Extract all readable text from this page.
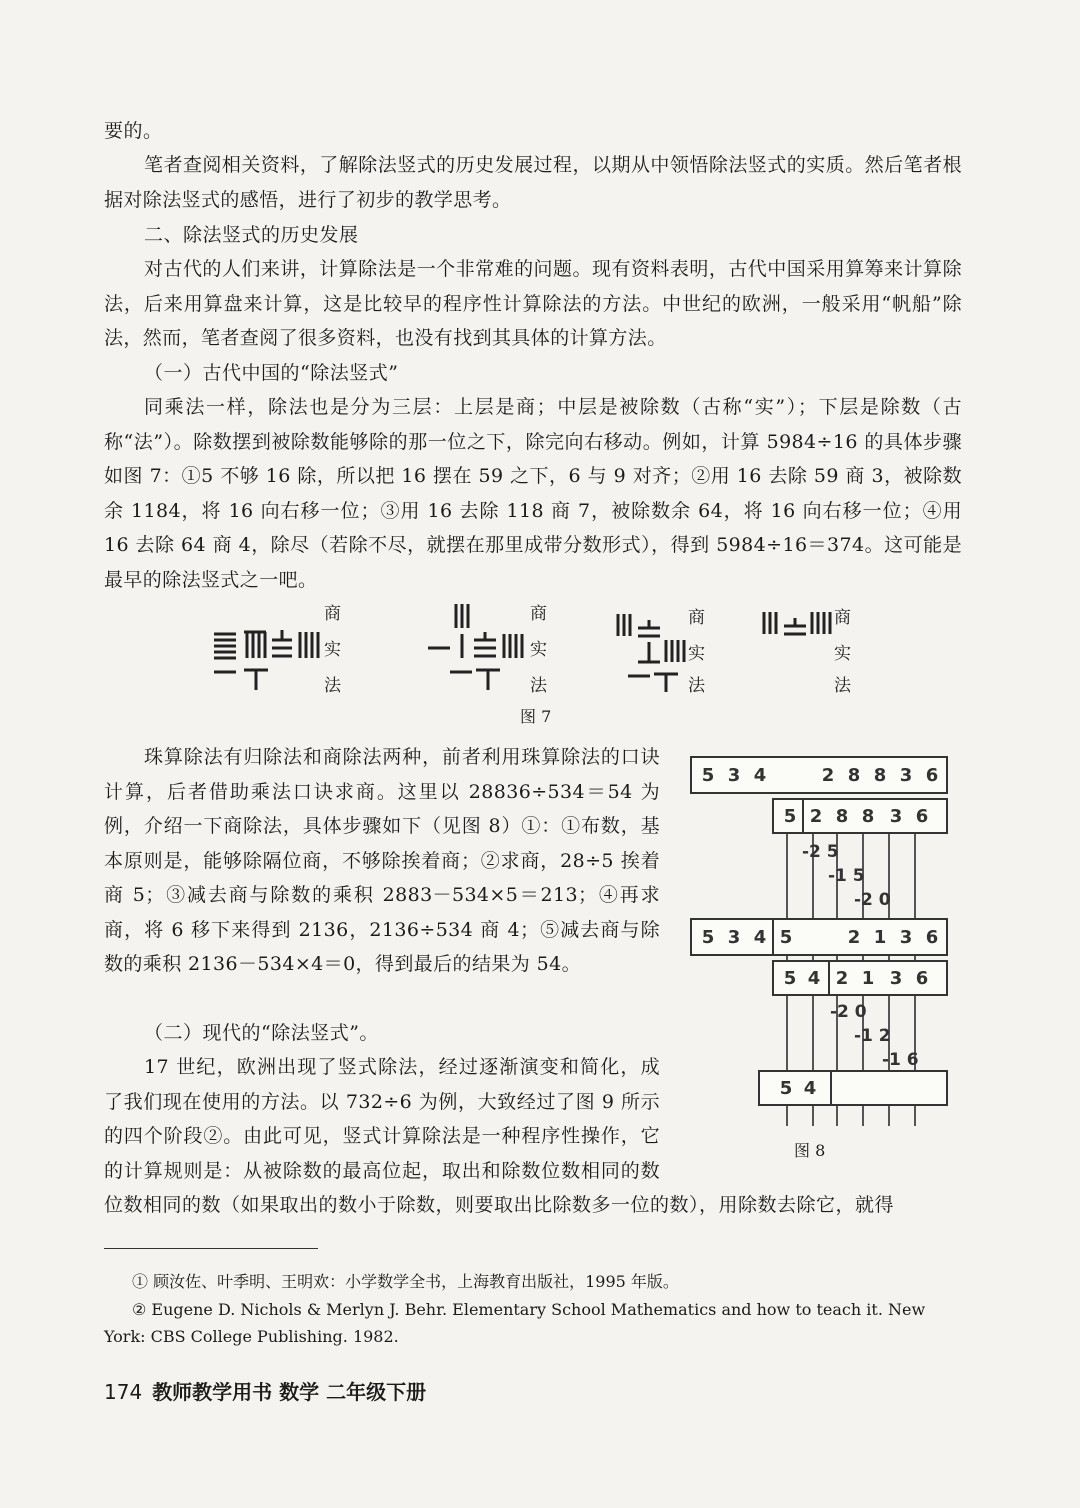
要的。

笔者查阅相关资料，了解除法竖式的历史发展过程，以期从中领悟除法竖式的实质。然后笔者根据对除法竖式的感悟，进行了初步的教学思考。

二、除法竖式的历史发展

对古代的人们来讲，计算除法是一个非常难的问题。现有资料表明，古代中国采用算筹来计算除法，后来用算盘来计算，这是比较早的程序性计算除法的方法。中世纪的欧洲，一般采用“帆船”除法，然而，笔者查阅了很多资料，也没有找到其具体的计算方法。

（一）古代中国的“除法竖式”

同乘法一样，除法也是分为三层：上层是商；中层是被除数（古称“实”）；下层是除数（古称“法”）。除数摆到被除数能够除的那一位之下，除完向右移动。例如，计算 5984÷16 的具体步骤如图 7：①5 不够 16 除，所以把 16 摆在 59 之下，6 与 9 对齐；②用 16 去除 59 商 3，被除数余 1184，将 16 向右移一位；③用 16 去除 118 商 7，被除数余 64，将 16 向右移一位；④用 16 去除 64 商 4，除尽（若除不尽，就摆在那里成带分数形式），得到 5984÷16＝374。这可能是最早的除法竖式之一吧。

商
实
法
商
实
法
商
实
法
商
实
法
图 7

珠算除法有归除法和商除法两种，前者利用珠算除法的口诀计算，后者借助乘法口诀求商。这里以 28836÷534＝54 为例，介绍一下商除法，具体步骤如下（见图 8）①：①布数，基本原则是，能够除隔位商，不够除挨着商；②求商，28÷5 挨着商 5；③减去商与除数的乘积 2883－534×5＝213；④再求商，将 6 移下来得到 2136，2136÷534 商 4；⑤减去商与除数的乘积 2136－534×4＝0，得到最后的结果为 54。

（二）现代的“除法竖式”。

17 世纪，欧洲出现了竖式除法，经过逐渐演变和简化，成了我们现在使用的方法。以 732÷6 为例，大致经过了图 9 所示的四个阶段②。由此可见，竖式计算除法是一种程序性操作，它的计算规则是：从被除数的最高位起，取出和除数位数相同的数

位数相同的数（如果取出的数小于除数，则要取出比除数多一位的数），用除数去除它，就得

5 3 4	2 8 8 3 6
5 2 8 8 3 6
-2 5
-1 5
-2 0
5 3 4 5	2 1 3 6
5 4 2 1 3 6
-2 0
-1 2
-1 6
5 4
图 8

① 顾汝佐、叶季明、王明欢：小学数学全书，上海教育出版社，1995 年版。

② Eugene D. Nichols & Merlyn J. Behr. Elementary School Mathematics and how to teach it. New York: CBS College Publishing. 1982.

174 教师教学用书 数学 二年级下册
